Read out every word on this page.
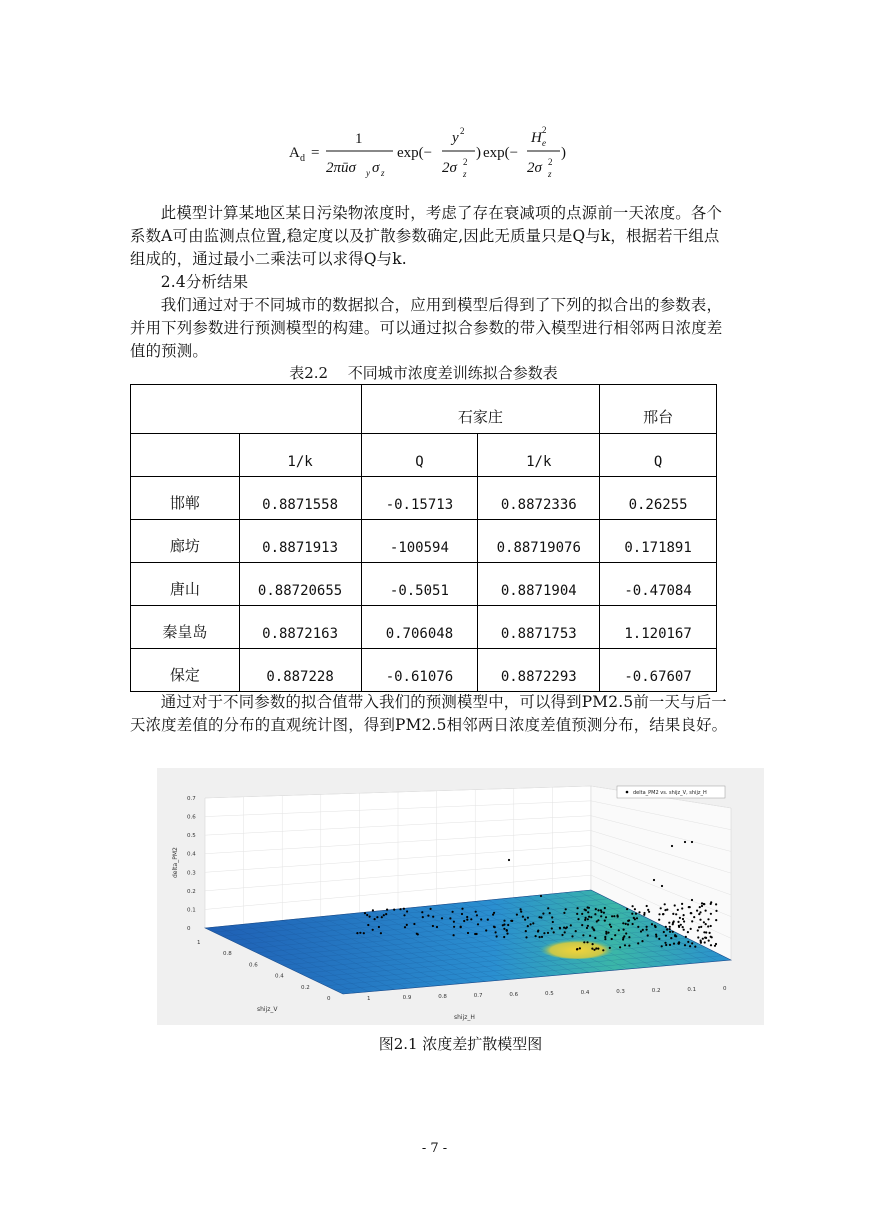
A d =
1
2πūσ y σ z
exp(−
y 2
2σ 2
z
) exp(−
H e
2
2σ 2
z
)
此模型计算某地区某日污染物浓度时，考虑了存在衰减项的点源前一天浓度。各个系数A可由监测点位置,稳定度以及扩散参数确定,因此无质量只是Q与k，根据若干组点组成的，通过最小二乘法可以求得Q与k.
2.4分析结果
我们通过对于不同城市的数据拟合，应用到模型后得到了下列的拟合出的参数表，并用下列参数进行预测模型的构建。可以通过拟合参数的带入模型进行相邻两日浓度差值的预测。
表2.2　 不同城市浓度差训练拟合参数表
		石家庄		邢台
	1/k	Q	1/k	Q
邯郸	0.8871558	-0.15713	0.8872336	0.26255
廊坊	0.8871913	-100594	0.88719076	0.171891
唐山	0.88720655	-0.5051	0.8871904	-0.47084
秦皇岛	0.8872163	0.706048	0.8871753	1.120167
保定	0.887228	-0.61076	0.8872293	-0.67607
通过对于不同参数的拟合值带入我们的预测模型中，可以得到PM2.5前一天与后一天浓度差值的分布的直观统计图，得到PM2.5相邻两日浓度差值预测分布，结果良好。
0
0.1
0.2
0.3
0.4
0.5
0.6
0.7
1	0.9	0.8	0.7	0.6	0.5	0.4	0.3	0.2	0.1	0
1
0.8
0.6
0.4
0.2
0
delta_PM2
shijz_H
shijz_V
delta_PM2 vs. shijz_V, shijz_H
图2.1 浓度差扩散模型图
- 7 -
